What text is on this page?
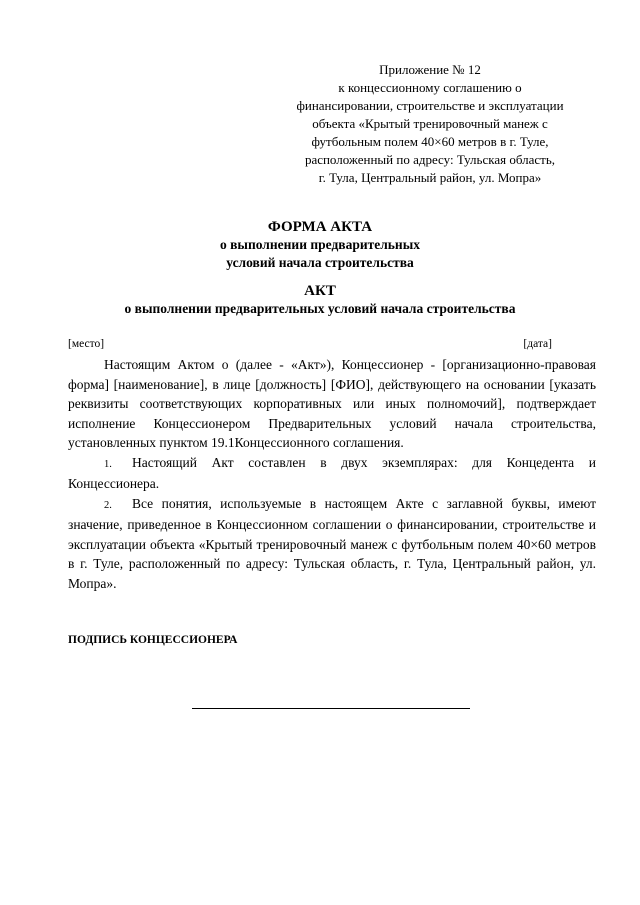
Приложение № 12
к концессионному соглашению о
финансировании, строительстве и эксплуатации
объекта «Крытый тренировочный манеж с
футбольным полем 40×60 метров в г. Туле,
расположенный по адресу: Тульская область,
г. Тула, Центральный район, ул. Мопра»
ФОРМА АКТА
о выполнении предварительных
условий начала строительства
АКТ
о выполнении предварительных условий начала строительства
[место]	[дата]

Настоящим Актом о (далее - «Акт»), Концессионер - [организационно-правовая форма] [наименование], в лице [должность] [ФИО], действующего на основании [указать реквизиты соответствующих корпоративных или иных полномочий], подтверждает исполнение Концессионером Предварительных условий начала строительства, установленных пунктом 19.1Концессионного соглашения.

1. Настоящий Акт составлен в двух экземплярах: для Концедента и Концессионера.

2. Все понятия, используемые в настоящем Акте с заглавной буквы, имеют значение, приведенное в Концессионном соглашении о финансировании, строительстве и эксплуатации объекта «Крытый тренировочный манеж с футбольным полем 40×60 метров в г. Туле, расположенный по адресу: Тульская область, г. Тула, Центральный район, ул. Мопра».

ПОДПИСЬ КОНЦЕССИОНЕРА
